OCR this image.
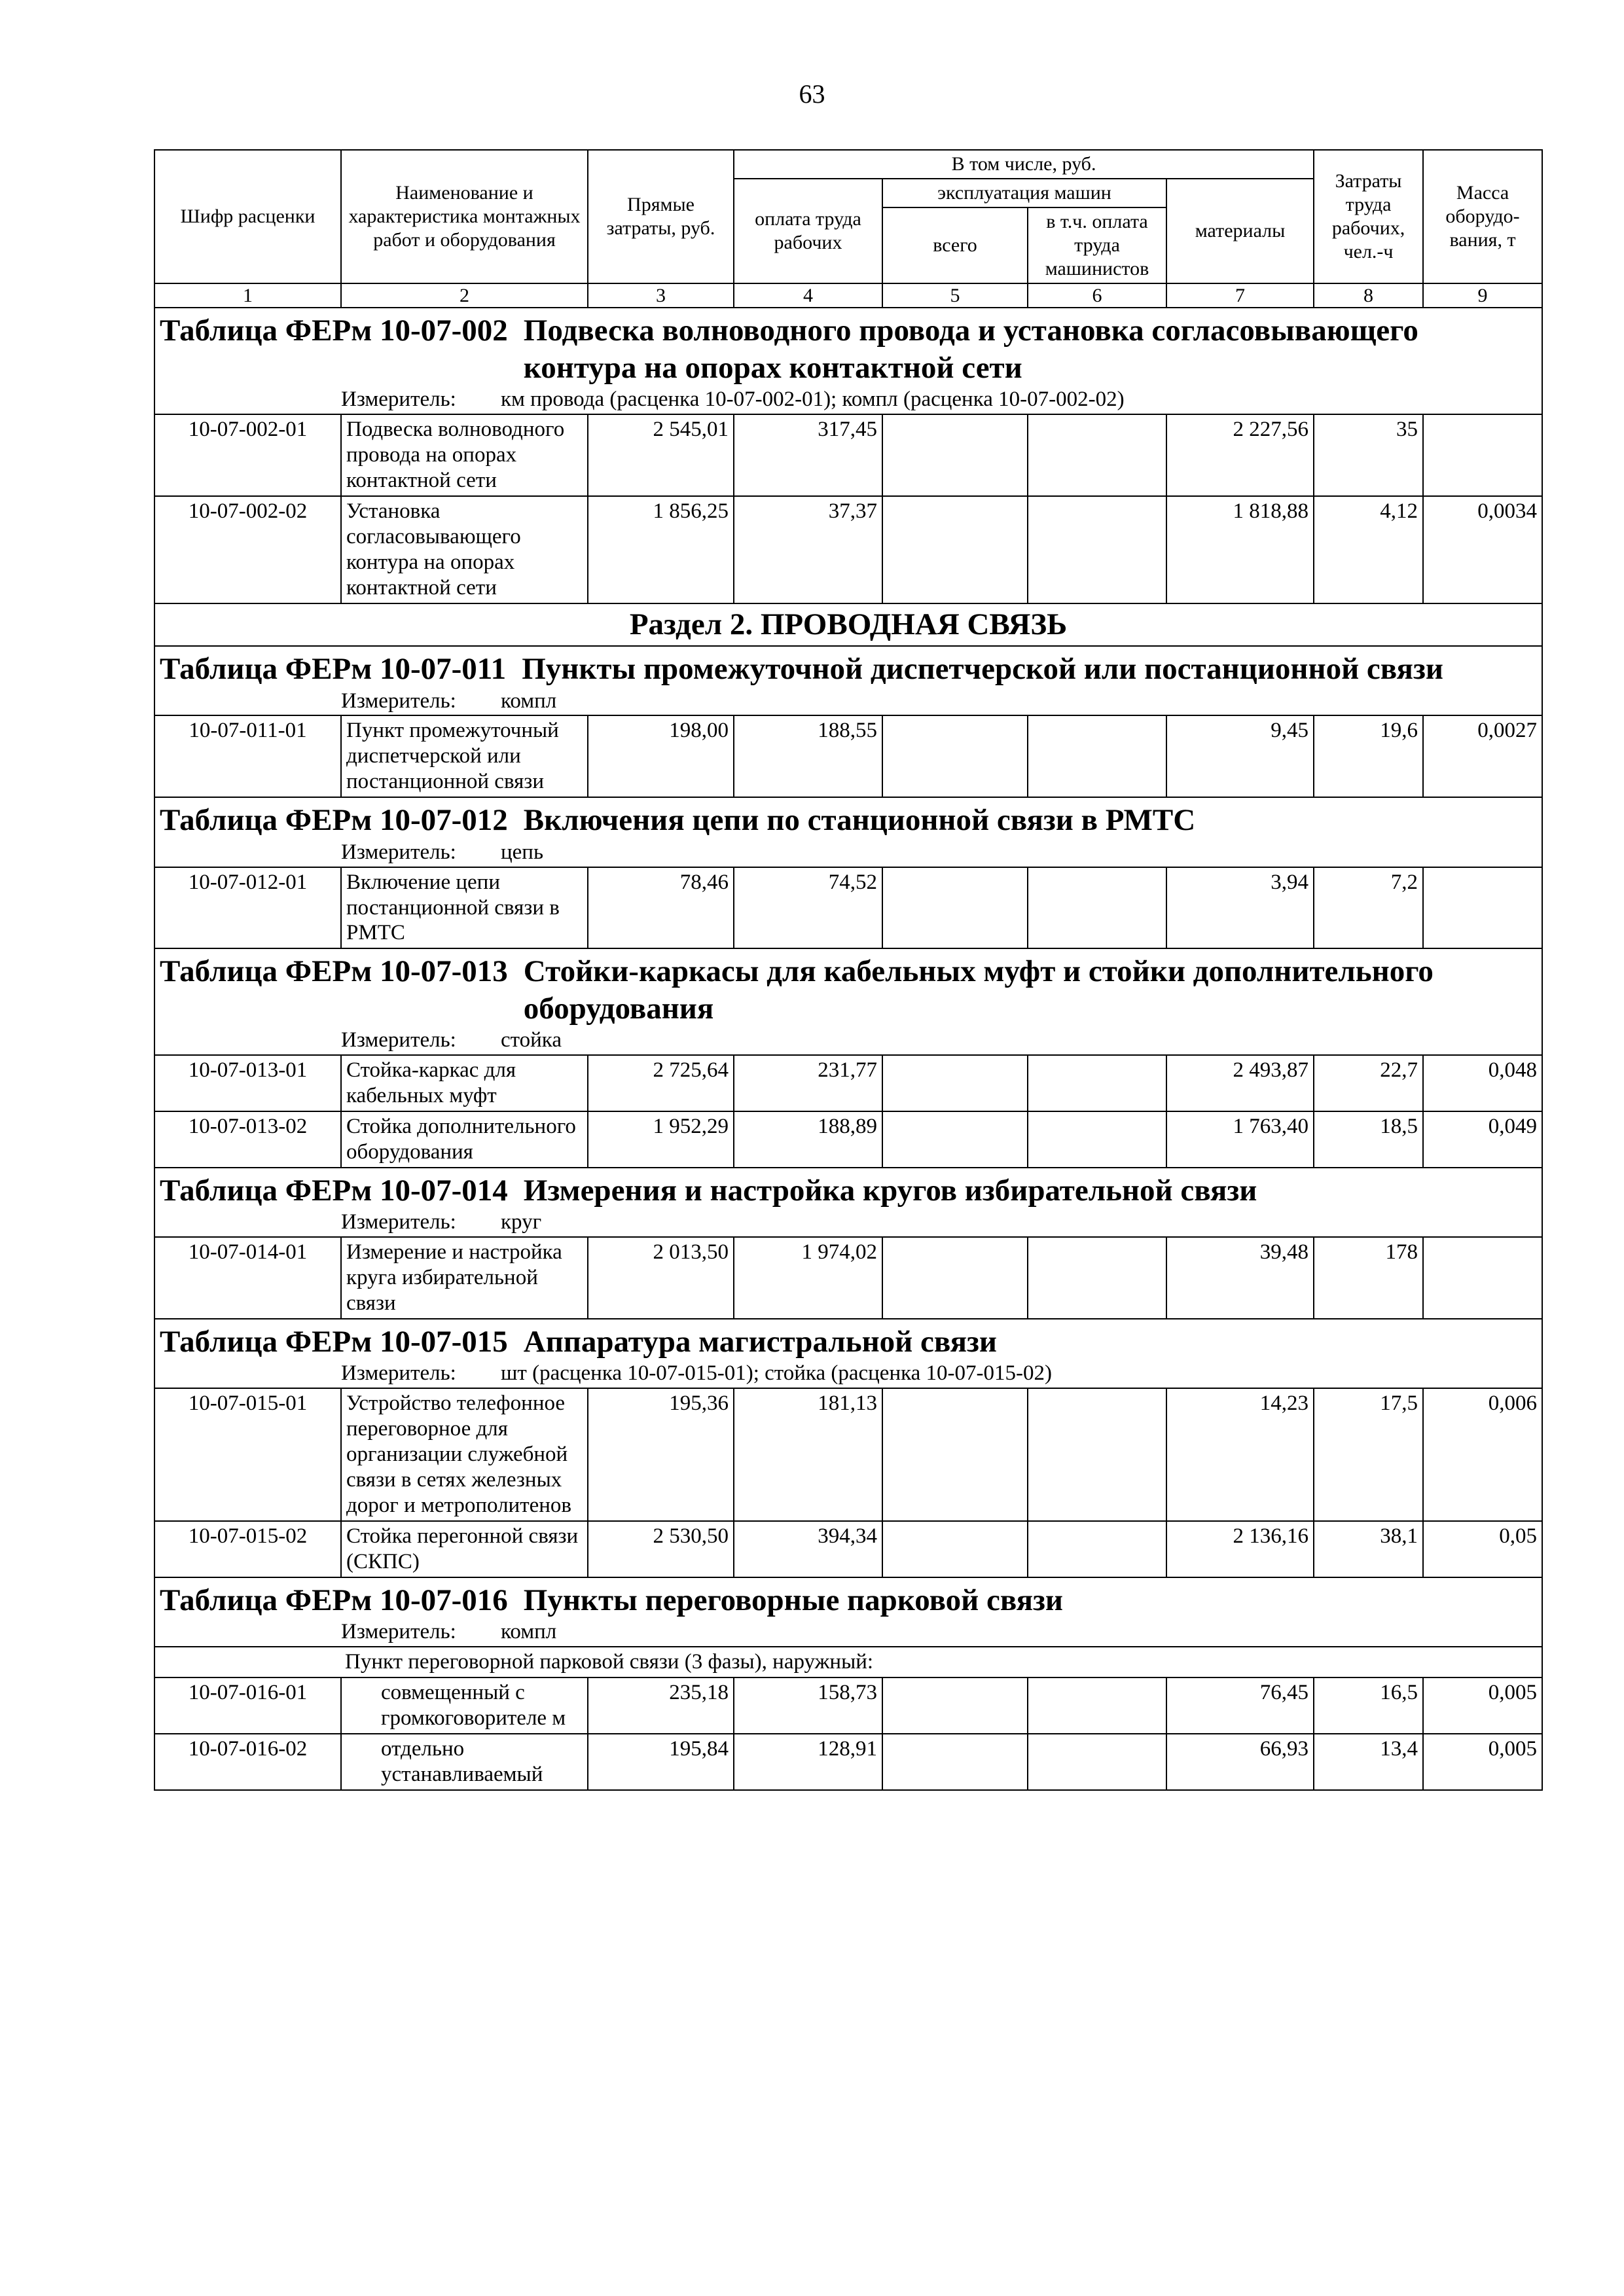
63
Шифр расценки	Наименование и характеристика монтажных работ и оборудования	Прямые затраты, руб.	В том числе, руб.				Затраты труда рабочих, чел.-ч	Масса оборудо-вания, т
			оплата труда рабочих	эксплуатация машин		материалы		
				всего	в т.ч. оплата труда машинистов			
1	2	3	4	5	6	7	8	9

Таблица ФЕРм 10-07-002 Подвеска волноводного провода и установка согласовывающего контура на опорах контактной сети
Измеритель: км провода (расценка 10-07-002-01); компл (расценка 10-07-002-02)								

10-07-002-01	Подвеска волноводного провода на опорах контактной сети	2 545,01	317,45			2 227,56	35	
10-07-002-02	Установка согласовывающего контура на опорах контактной сети	1 856,25	37,37			1 818,88	4,12	0,0034
Раздел 2. ПРОВОДНАЯ СВЯЗЬ								

Таблица ФЕРм 10-07-011 Пункты промежуточной диспетчерской или постанционной связи
Измеритель: компл								

10-07-011-01	Пункт промежуточный диспетчерской или постанционной связи	198,00	188,55			9,45	19,6	0,0027

Таблица ФЕРм 10-07-012 Включения цепи по станционной связи в РМТС
Измеритель: цепь								

10-07-012-01	Включение цепи постанционной связи в РМТС	78,46	74,52			3,94	7,2	

Таблица ФЕРм 10-07-013 Стойки-каркасы для кабельных муфт и стойки дополнительного оборудования
Измеритель: стойка								

10-07-013-01	Стойка-каркас для кабельных муфт	2 725,64	231,77			2 493,87	22,7	0,048
10-07-013-02	Стойка дополнительного оборудования	1 952,29	188,89			1 763,40	18,5	0,049

Таблица ФЕРм 10-07-014 Измерения и настройка кругов избирательной связи
Измеритель: круг								

10-07-014-01	Измерение и настройка круга избирательной связи	2 013,50	1 974,02			39,48	178	

Таблица ФЕРм 10-07-015 Аппаратура магистральной связи
Измеритель: шт (расценка 10-07-015-01); стойка (расценка 10-07-015-02)								

10-07-015-01	Устройство телефонное переговорное для организации служебной связи в сетях железных дорог и метрополитенов	195,36	181,13			14,23	17,5	0,006
10-07-015-02	Стойка перегонной связи (СКПС)	2 530,50	394,34			2 136,16	38,1	0,05

Таблица ФЕРм 10-07-016 Пункты переговорные парковой связи
Измеритель: компл								

Пункт переговорной парковой связи (3 фазы), наружный:								
10-07-016-01	совмещенный с громкоговорителе м	235,18	158,73			76,45	16,5	0,005
10-07-016-02	отдельно устанавливаемый	195,84	128,91			66,93	13,4	0,005
